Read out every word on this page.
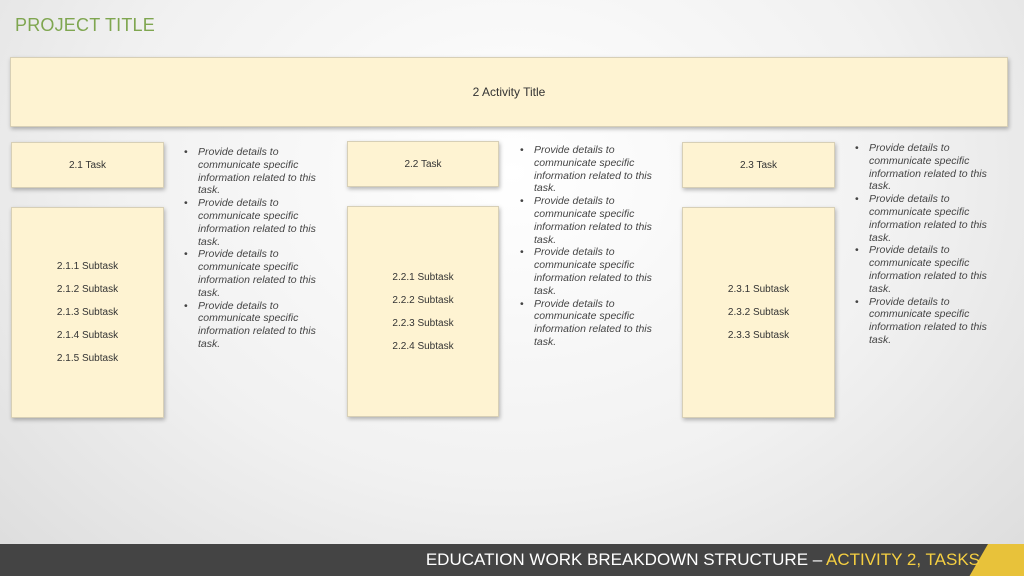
PROJECT TITLE
2 Activity Title
2.1 Task
2.1.1 Subtask
2.1.2 Subtask
2.1.3 Subtask
2.1.4 Subtask
2.1.5 Subtask
• Provide details to communicate specific information related to this task.
• Provide details to communicate specific information related to this task.
• Provide details to communicate specific information related to this task.
• Provide details to communicate specific information related to this task.
2.2 Task
2.2.1 Subtask
2.2.2 Subtask
2.2.3 Subtask
2.2.4 Subtask
• Provide details to communicate specific information related to this task.
• Provide details to communicate specific information related to this task.
• Provide details to communicate specific information related to this task.
• Provide details to communicate specific information related to this task.
2.3 Task
2.3.1 Subtask
2.3.2 Subtask
2.3.3 Subtask
• Provide details to communicate specific information related to this task.
• Provide details to communicate specific information related to this task.
• Provide details to communicate specific information related to this task.
• Provide details to communicate specific information related to this task.
EDUCATION WORK BREAKDOWN STRUCTURE – ACTIVITY 2, TASKS
